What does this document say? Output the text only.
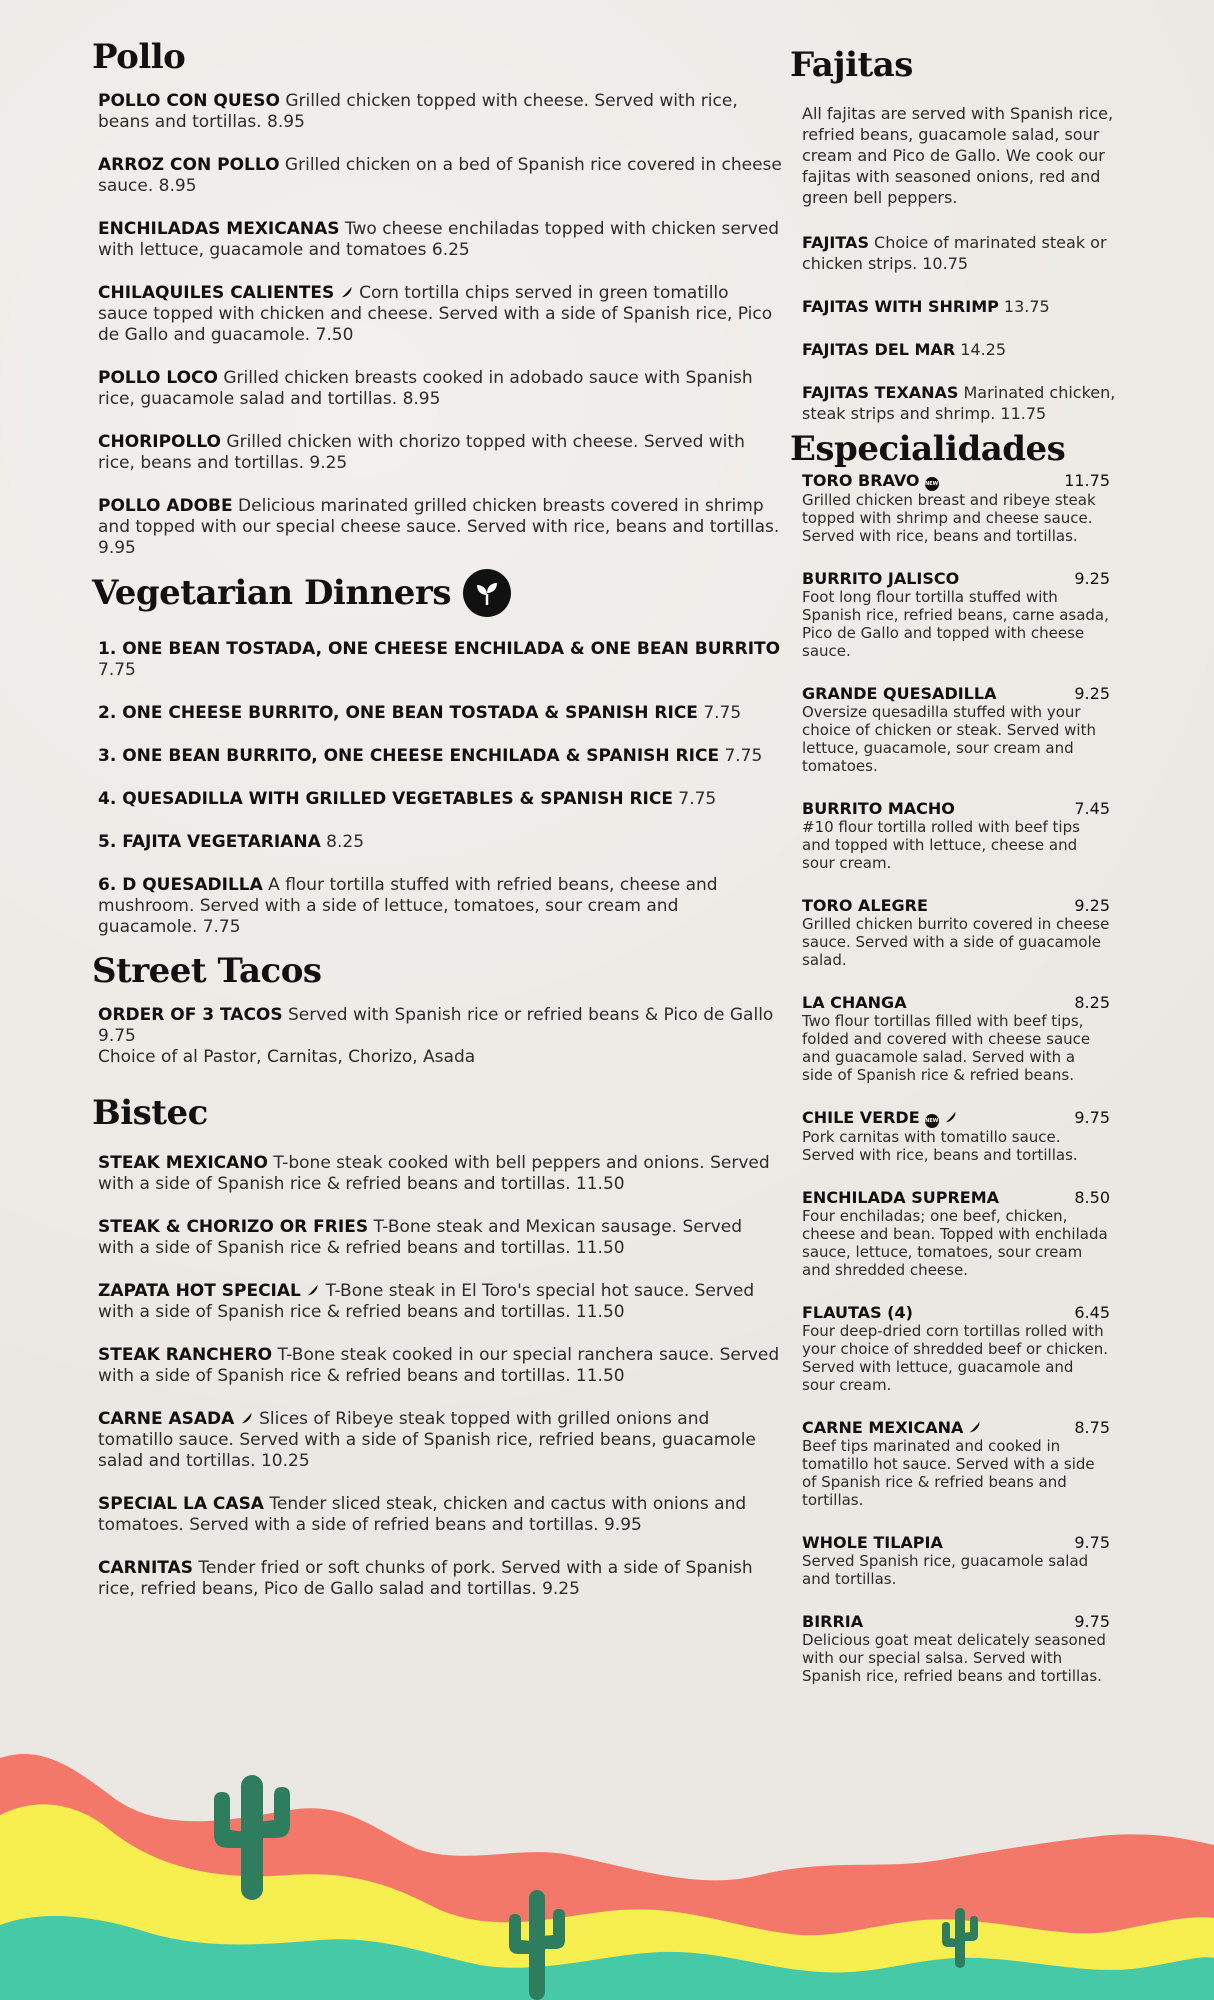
Pollo
POLLO CON QUESO Grilled chicken topped with cheese. Served with rice, beans and tortillas. 8.95
ARROZ CON POLLO Grilled chicken on a bed of Spanish rice covered in cheese sauce. 8.95
ENCHILADAS MEXICANAS Two cheese enchiladas topped with chicken served with lettuce, guacamole and tomatoes 6.25
CHILAQUILES CALIENTES  Corn tortilla chips served in green tomatillo sauce topped with chicken and cheese. Served with a side of Spanish rice, Pico de Gallo and guacamole. 7.50
POLLO LOCO Grilled chicken breasts cooked in adobado sauce with Spanish rice, guacamole salad and tortillas. 8.95
CHORIPOLLO Grilled chicken with chorizo topped with cheese. Served with rice, beans and tortillas. 9.25
POLLO ADOBE Delicious marinated grilled chicken breasts covered in shrimp and topped with our special cheese sauce. Served with rice, beans and tortillas. 9.95
Vegetarian Dinners
1. ONE BEAN TOSTADA, ONE CHEESE ENCHILADA & ONE BEAN BURRITO 7.75
2. ONE CHEESE BURRITO, ONE BEAN TOSTADA & SPANISH RICE 7.75
3. ONE BEAN BURRITO, ONE CHEESE ENCHILADA & SPANISH RICE 7.75
4. QUESADILLA WITH GRILLED VEGETABLES & SPANISH RICE 7.75
5. FAJITA VEGETARIANA 8.25
6. D QUESADILLA A flour tortilla stuffed with refried beans, cheese and mushroom. Served with a side of lettuce, tomatoes, sour cream and guacamole. 7.75
Street Tacos
ORDER OF 3 TACOS Served with Spanish rice or refried beans & Pico de Gallo 9.75
Choice of al Pastor, Carnitas, Chorizo, Asada
Bistec
STEAK MEXICANO T-bone steak cooked with bell peppers and onions. Served with a side of Spanish rice & refried beans and tortillas. 11.50
STEAK & CHORIZO OR FRIES T-Bone steak and Mexican sausage. Served with a side of Spanish rice & refried beans and tortillas. 11.50
ZAPATA HOT SPECIAL  T-Bone steak in El Toro's special hot sauce. Served with a side of Spanish rice & refried beans and tortillas. 11.50
STEAK RANCHERO T-Bone steak cooked in our special ranchera sauce. Served with a side of Spanish rice & refried beans and tortillas. 11.50
CARNE ASADA  Slices of Ribeye steak topped with grilled onions and tomatillo sauce. Served with a side of Spanish rice, refried beans, guacamole salad and tortillas. 10.25
SPECIAL LA CASA Tender sliced steak, chicken and cactus with onions and tomatoes. Served with a side of refried beans and tortillas. 9.95
CARNITAS Tender fried or soft chunks of pork. Served with a side of Spanish rice, refried beans, Pico de Gallo salad and tortillas. 9.25
Fajitas
All fajitas are served with Spanish rice, refried beans, guacamole salad, sour cream and Pico de Gallo. We cook our fajitas with seasoned onions, red and green bell peppers.
FAJITAS Choice of marinated steak or chicken strips. 10.75
FAJITAS WITH SHRIMP 13.75
FAJITAS DEL MAR 14.25
FAJITAS TEXANAS Marinated chicken, steak strips and shrimp. 11.75
Especialidades
TORO BRAVO NEW	11.75
Grilled chicken breast and ribeye steak topped with shrimp and cheese sauce. Served with rice, beans and tortillas.
BURRITO JALISCO	9.25
Foot long flour tortilla stuffed with Spanish rice, refried beans, carne asada, Pico de Gallo and topped with cheese sauce.
GRANDE QUESADILLA	9.25
Oversize quesadilla stuffed with your choice of chicken or steak. Served with lettuce, guacamole, sour cream and tomatoes.
BURRITO MACHO	7.45
#10 flour tortilla rolled with beef tips and topped with lettuce, cheese and sour cream.
TORO ALEGRE	9.25
Grilled chicken burrito covered in cheese sauce. Served with a side of guacamole salad.
LA CHANGA	8.25
Two flour tortillas filled with beef tips, folded and covered with cheese sauce and guacamole salad. Served with a side of Spanish rice & refried beans.
CHILE VERDE NEW	9.75
Pork carnitas with tomatillo sauce. Served with rice, beans and tortillas.
ENCHILADA SUPREMA	8.50
Four enchiladas; one beef, chicken, cheese and bean. Topped with enchilada sauce, lettuce, tomatoes, sour cream and shredded cheese.
FLAUTAS (4)	6.45
Four deep-dried corn tortillas rolled with your choice of shredded beef or chicken. Served with lettuce, guacamole and sour cream.
CARNE MEXICANA	8.75
Beef tips marinated and cooked in tomatillo hot sauce. Served with a side of Spanish rice & refried beans and tortillas.
WHOLE TILAPIA	9.75
Served Spanish rice, guacamole salad and tortillas.
BIRRIA	9.75
Delicious goat meat delicately seasoned with our special salsa. Served with Spanish rice, refried beans and tortillas.
